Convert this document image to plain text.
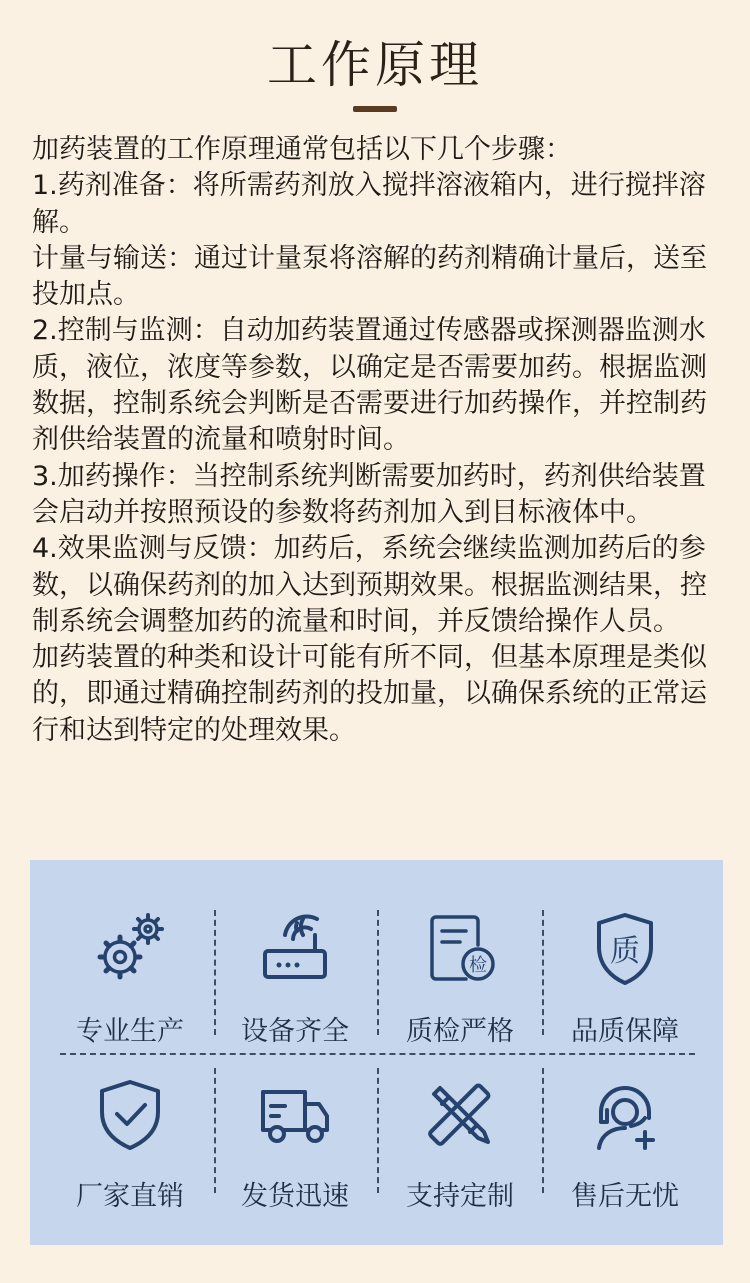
工作原理

加药装置的工作原理通常包括以下几个步骤：

1.药剂准备：将所需药剂放入搅拌溶液箱内，进行搅拌溶解。

计量与输送：通过计量泵将溶解的药剂精确计量后，送至投加点。

2.控制与监测：自动加药装置通过传感器或探测器监测水质，液位，浓度等参数，以确定是否需要加药。根据监测数据，控制系统会判断是否需要进行加药操作，并控制药剂供给装置的流量和喷射时间。

3.加药操作：当控制系统判断需要加药时，药剂供给装置会启动并按照预设的参数将药剂加入到目标液体中。

4.效果监测与反馈：加药后，系统会继续监测加药后的参数，以确保药剂的加入达到预期效果。根据监测结果，控制系统会调整加药的流量和时间，并反馈给操作人员。

加药装置的种类和设计可能有所不同，但基本原理是类似的，即通过精确控制药剂的投加量，以确保系统的正常运行和达到特定的处理效果。

专业生产 设备齐全
检
质检严格
质
品质保障
厂家直销 发货迅速 支持定制 售后无忧
